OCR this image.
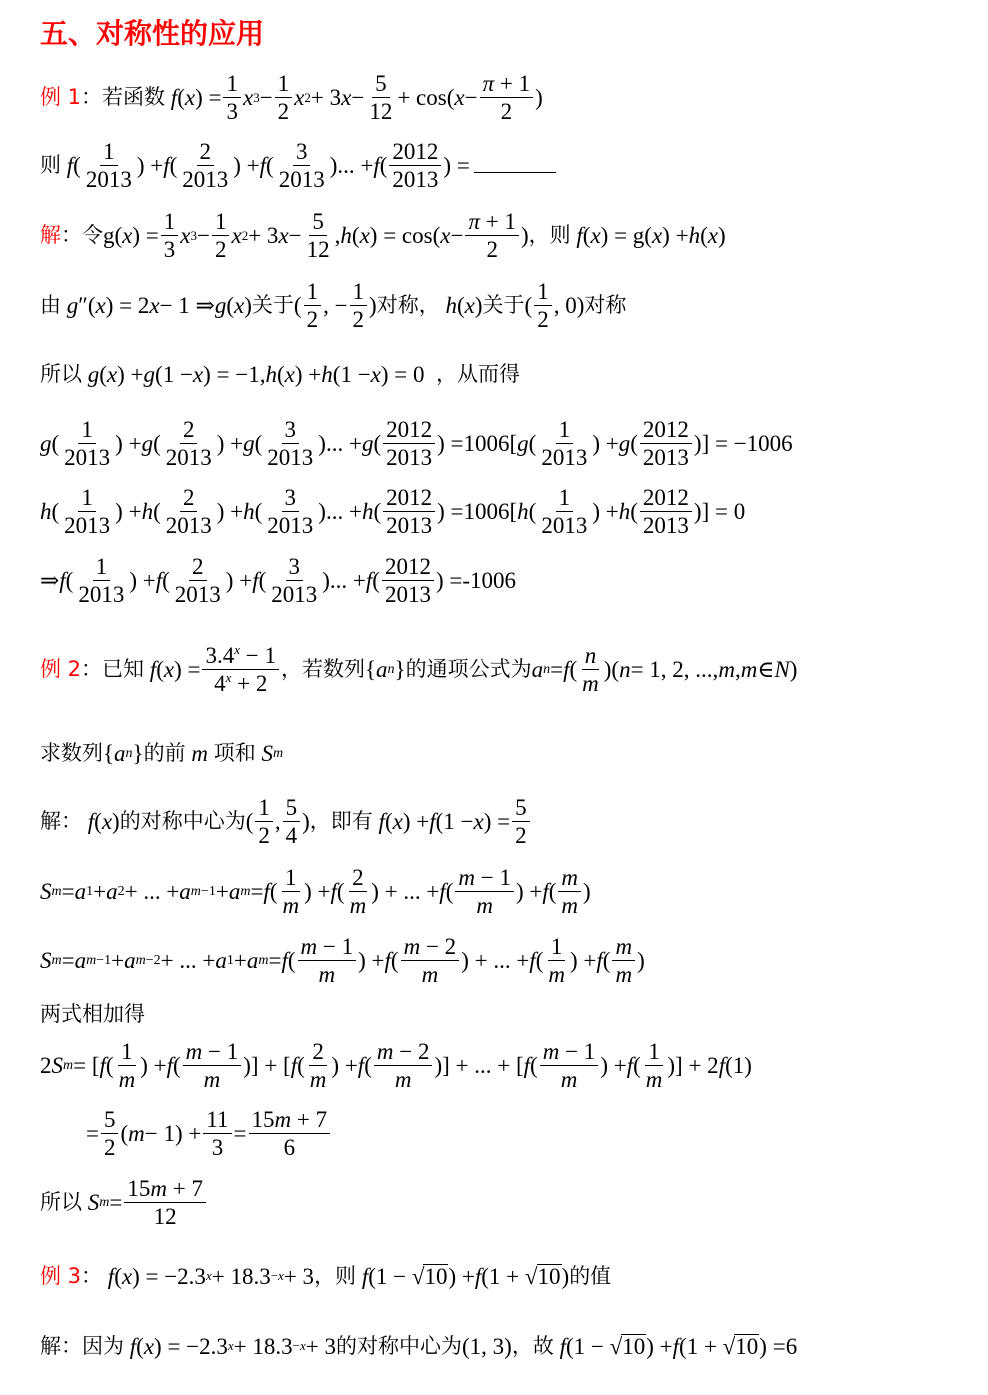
五、对称性的应用
例 1 ： 若函数
f ( x ) = $\frac{1}{3}$ x $3 - \frac{1}{2}$ x 2 + 3 $x - \frac{5}{12} + \cos$( $x - \frac{\pi + 1}{2}$ )
则
f ( $\frac{1}{2013}$ ) + f ( $\frac{2}{2013}$ ) + f ( $\frac{3}{2013}$ )... + f ( $\frac{2012}{2013}$ ) =
解 ： 令 g( x ) = $\frac{1}{3}$ x $3 - \frac{1}{2}$ x 2 + 3 $x - \frac{5}{12}$ , h ( x ) = cos( $x - \frac{\pi + 1}{2}$ ) ，则
f ( x ) = g( x ) + h ( x )
由
g ″( x ) = 2 x − 1 ⇒ g ( x ) 关于 ( $\frac{1}{2}$ , − $\frac{1}{2}$ ) 对称 ，
h ( x ) 关于 ( $\frac{1}{2}$ , 0) 对称
所以
g ( x ) + g (1 − x ) = −1, h ( x ) + h (1 − x ) = 0 ，从而得
g ( $\frac{1}{2013}$ ) + g ( $\frac{2}{2013}$ ) + g ( $\frac{3}{2013}$ )... + g ( $\frac{2012}{2013}$ ) = 1006 [ g ( $\frac{1}{2013}$ ) + g ( $\frac{2012}{2013}$ )] = −1006
h ( $\frac{1}{2013}$ ) + h ( $\frac{2}{2013}$ ) + h ( $\frac{3}{2013}$ )... + h ( $\frac{2012}{2013}$ ) = 1006 [ h ( $\frac{1}{2013}$ ) + h ( $\frac{2012}{2013}$ )] = 0
⇒ f ( $\frac{1}{2013}$ ) + f ( $\frac{2}{2013}$ ) + f ( $\frac{3}{2013}$ )... + f ( $\frac{2012}{2013}$ ) = -1006
例 2 ：已知
f ( x ) = $\frac{3.4^x - 1}{4^x + 2}$ ，若数列 { a n } 的通项公式为 a n = f ( $\frac{n}{m}$ )( n = 1, 2, ..., m , m ∈ N )
求数列 { a n } 的前
m
项和
S m
解：
f ( x ) 的对称中心为 ( $\frac{1}{2}$ , $\frac{5}{4}$ ) ，即有
f ( x ) + f (1 − x ) = $\frac{5}{2}$
S m = a 1 + a 2 + ... + a m−1 + a m = f ( $\frac{1}{m}$ ) + f ( $\frac{2}{m}$ ) + ... + f ( $\frac{m - 1}{m}$ ) + f ( $\frac{m}{m}$ )
S m = a m−1 + a m−2 + ... + a 1 + a m = f ( $\frac{m - 1}{m}$ ) + f ( $\frac{m - 2}{m}$ ) + ... + f ( $\frac{1}{m}$ ) + f ( $\frac{m}{m}$ )
两式相加得
2 S m = [ f ( $\frac{1}{m}$ ) + f ( $\frac{m - 1}{m}$ )] + [ f ( $\frac{2}{m}$ ) + f ( $\frac{m - 2}{m}$ )] + ... + [ f ( $\frac{m - 1}{m}$ ) + f ( $\frac{1}{m}$ )] + 2 f (1)
= $\frac{5}{2}$ ( $m - 1) + \frac{11}{3} = \frac{15m + 7}{6}$
所以
S $m = \frac{15m + 7}{12}$
例 3 ：
f ( x ) = −2.3 x + 18.3 −x + 3 ，则
f (1 − √ 10 ) + f (1 + √ 10 ) 的值
解：因为
f ( x ) = −2.3 x + 18.3 −x + 3 的对称中心为 (1, 3) ，故
f (1 − √ 10 ) + f (1 + √ 10 ) = 6
